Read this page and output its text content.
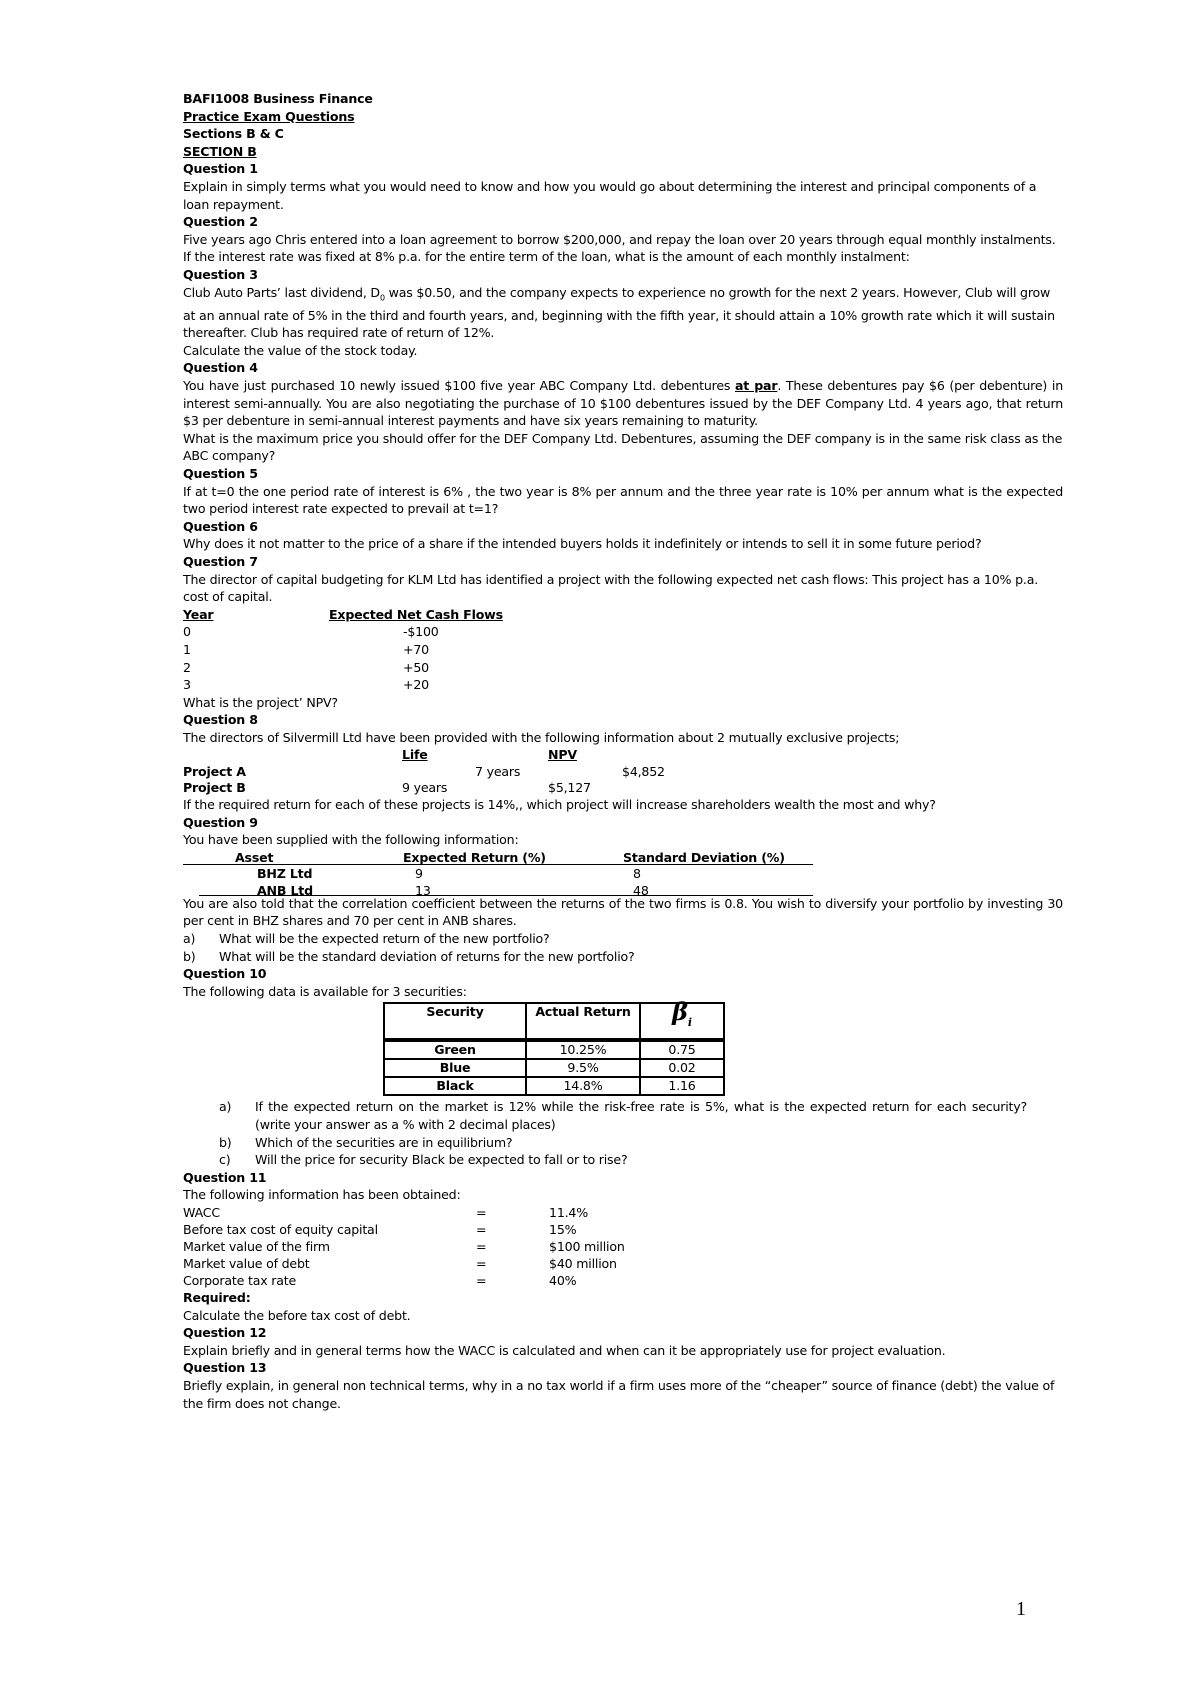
BAFI1008 Business Finance
Practice Exam Questions
Sections B & C
SECTION B
Question 1

Explain in simply terms what you would need to know and how you would go about determining the interest and principal components of a loan repayment.

Question 2

Five years ago Chris entered into a loan agreement to borrow $200,000, and repay the loan over 20 years through equal monthly instalments. If the interest rate was fixed at 8% p.a. for the entire term of the loan, what is the amount of each monthly instalment:

Question 3

Club Auto Parts’ last dividend, $D_0$ was $0.50, and the company expects to experience no growth for the next 2 years. However, Club will grow at an annual rate of 5% in the third and fourth years, and, beginning with the fifth year, it should attain a 10% growth rate which it will sustain thereafter. Club has required rate of return of 12%.

Calculate the value of the stock today.

Question 4

You have just purchased 10 newly issued $100 five year ABC Company Ltd. debentures at par. These debentures pay $6 (per debenture) in interest semi-annually. You are also negotiating the purchase of 10 $100 debentures issued by the DEF Company Ltd. 4 years ago, that return $3 per debenture in semi-annual interest payments and have six years remaining to maturity.

What is the maximum price you should offer for the DEF Company Ltd. Debentures, assuming the DEF company is in the same risk class as the ABC company?

Question 5

If at t=0 the one period rate of interest is 6% , the two year is 8% per annum and the three year rate is 10% per annum what is the expected two period interest rate expected to prevail at t=1?

Question 6

Why does it not matter to the price of a share if the intended buyers holds it indefinitely or intends to sell it in some future period?

Question 7

The director of capital budgeting for KLM Ltd has identified a project with the following expected net cash flows: This project has a 10% p.a. cost of capital.

Year	Expected Net Cash Flows
0	-$100
1	+70
2	+50
3	+20

What is the project’ NPV?

Question 8

The directors of Silvermill Ltd have been provided with the following information about 2 mutually exclusive projects;

Life	NPV
Project A	7 years	$4,852
Project B	9 years	$5,127

If the required return for each of these projects is 14%,, which project will increase shareholders wealth the most and why?

Question 9

You have been supplied with the following information:

Asset	Expected Return (%)	Standard Deviation (%)
BHZ Ltd	9	8
ANB Ltd	13	48

You are also told that the correlation coefficient between the returns of the two firms is 0.8. You wish to diversify your portfolio by investing 30 per cent in BHZ shares and 70 per cent in ANB shares.

a)	What will be the expected return of the new portfolio?
b)	What will be the standard deviation of returns for the new portfolio?
Question 10

The following data is available for 3 securities:

Security	Actual Return	$\beta_i$
Green	10.25%	0.75
Blue	9.5%	0.02
Black	14.8%	1.16
a)	If the expected return on the market is 12% while the risk-free rate is 5%, what is the expected return for each security? (write your answer as a % with 2 decimal places)
b)	Which of the securities are in equilibrium?
c)	Will the price for security Black be expected to fall or to rise?
Question 11

The following information has been obtained:

WACC	=	11.4%
Before tax cost of equity capital	=	15%
Market value of the firm	=	$100 million
Market value of debt	=	$40 million
Corporate tax rate	=	40%
Required:

Calculate the before tax cost of debt.

Question 12

Explain briefly and in general terms how the WACC is calculated and when can it be appropriately use for project evaluation.

Question 13

Briefly explain, in general non technical terms, why in a no tax world if a firm uses more of the “cheaper” source of finance (debt) the value of the firm does not change.

1
